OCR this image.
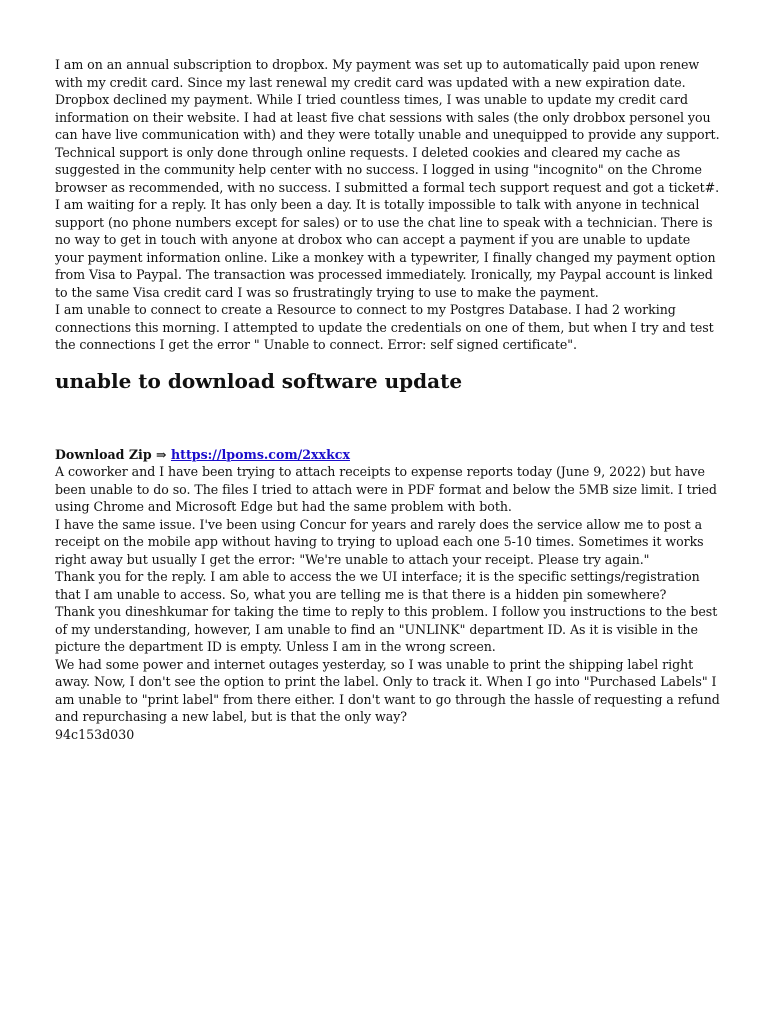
I am on an annual subscription to dropbox. My payment was set up to automatically paid upon renew with my credit card. Since my last renewal my credit card was updated with a new expiration date. Dropbox declined my payment. While I tried countless times, I was unable to update my credit card information on their website. I had at least five chat sessions with sales (the only drobbox personel you can have live communication with) and they were totally unable and unequipped to provide any support. Technical support is only done through online requests. I deleted cookies and cleared my cache as suggested in the community help center with no success. I logged in using "incognito" on the Chrome browser as recommended, with no success. I submitted a formal tech support request and got a ticket#. I am waiting for a reply. It has only been a day. It is totally impossible to talk with anyone in technical support (no phone numbers except for sales) or to use the chat line to speak with a technician. There is no way to get in touch with anyone at drobox who can accept a payment if you are unable to update your payment information online. Like a monkey with a typewriter, I finally changed my payment option from Visa to Paypal. The transaction was processed immediately. Ironically, my Paypal account is linked to the same Visa credit card I was so frustratingly trying to use to make the payment.

I am unable to connect to create a Resource to connect to my Postgres Database. I had 2 working connections this morning. I attempted to update the credentials on one of them, but when I try and test the connections I get the error " Unable to connect. Error: self signed certificate".

unable to download software update
Download Zip ⇒ https://lpoms.com/2xxkcx

A coworker and I have been trying to attach receipts to expense reports today (June 9, 2022) but have been unable to do so. The files I tried to attach were in PDF format and below the 5MB size limit. I tried using Chrome and Microsoft Edge but had the same problem with both.

I have the same issue. I've been using Concur for years and rarely does the service allow me to post a receipt on the mobile app without having to trying to upload each one 5-10 times. Sometimes it works right away but usually I get the error: "We're unable to attach your receipt. Please try again."

Thank you for the reply. I am able to access the we UI interface; it is the specific settings/registration that I am unable to access. So, what you are telling me is that there is a hidden pin somewhere?

Thank you dineshkumar for taking the time to reply to this problem. I follow you instructions to the best of my understanding, however, I am unable to find an "UNLINK" department ID. As it is visible in the picture the department ID is empty. Unless I am in the wrong screen.

We had some power and internet outages yesterday, so I was unable to print the shipping label right away. Now, I don't see the option to print the label. Only to track it. When I go into "Purchased Labels" I am unable to "print label" from there either. I don't want to go through the hassle of requesting a refund and repurchasing a new label, but is that the only way?

94c153d030
